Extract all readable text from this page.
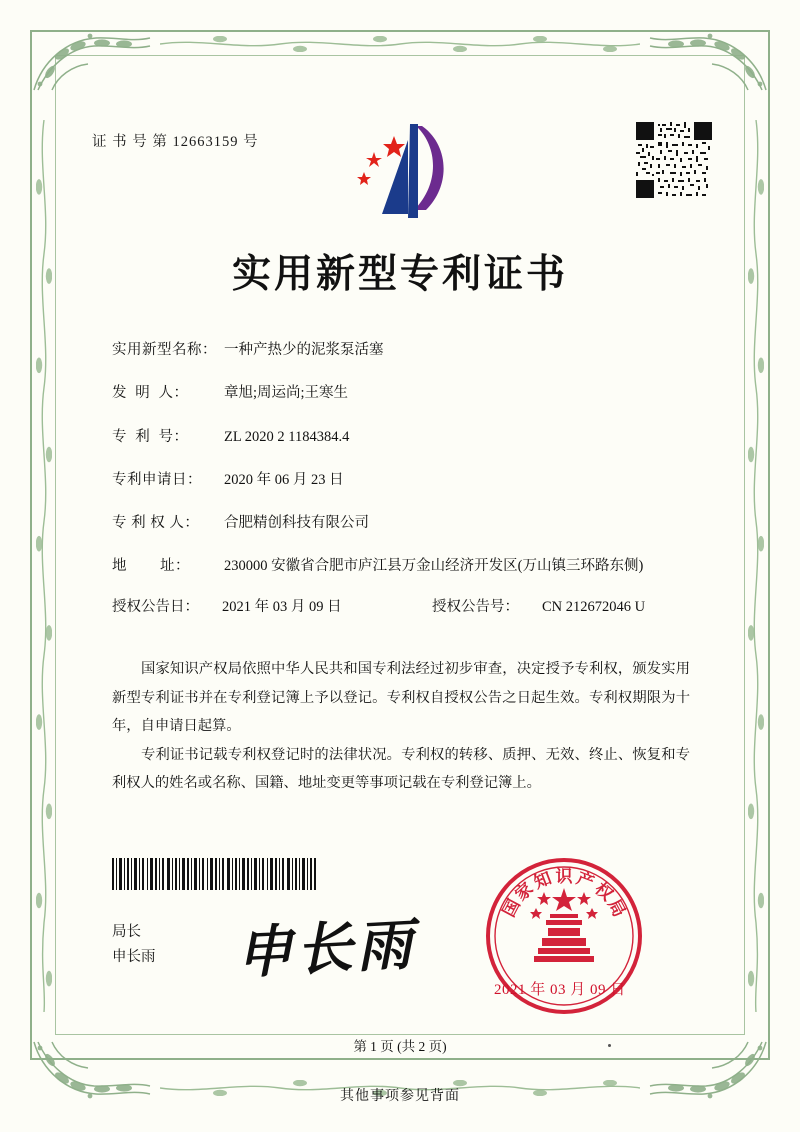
证 书 号 第 12663159 号
实用新型专利证书
实用新型名称： 一种产热少的泥浆泵活塞
发  明  人：	章旭;周运尚;王寒生
专  利  号：	ZL 2020 2 1184384.4
专利申请日：	2020 年 06 月 23 日
专 利 权 人：	合肥精创科技有限公司
地        址：	230000 安徽省合肥市庐江县万金山经济开发区(万山镇三环路东侧)
授权公告日：	2021 年 03 月 09 日	授权公告号：	CN 212672046 U

国家知识产权局依照中华人民共和国专利法经过初步审查，决定授予专利权，颁发实用新型专利证书并在专利登记簿上予以登记。专利权自授权公告之日起生效。专利权期限为十年，自申请日起算。

专利证书记载专利权登记时的法律状况。专利权的转移、质押、无效、终止、恢复和专利权人的姓名或名称、国籍、地址变更等事项记载在专利登记簿上。

局长
申长雨 申长雨
国
家
知 识 产
权
局
2021 年 03 月 09 日
第 1 页 (共 2 页)
其他事项参见背面
